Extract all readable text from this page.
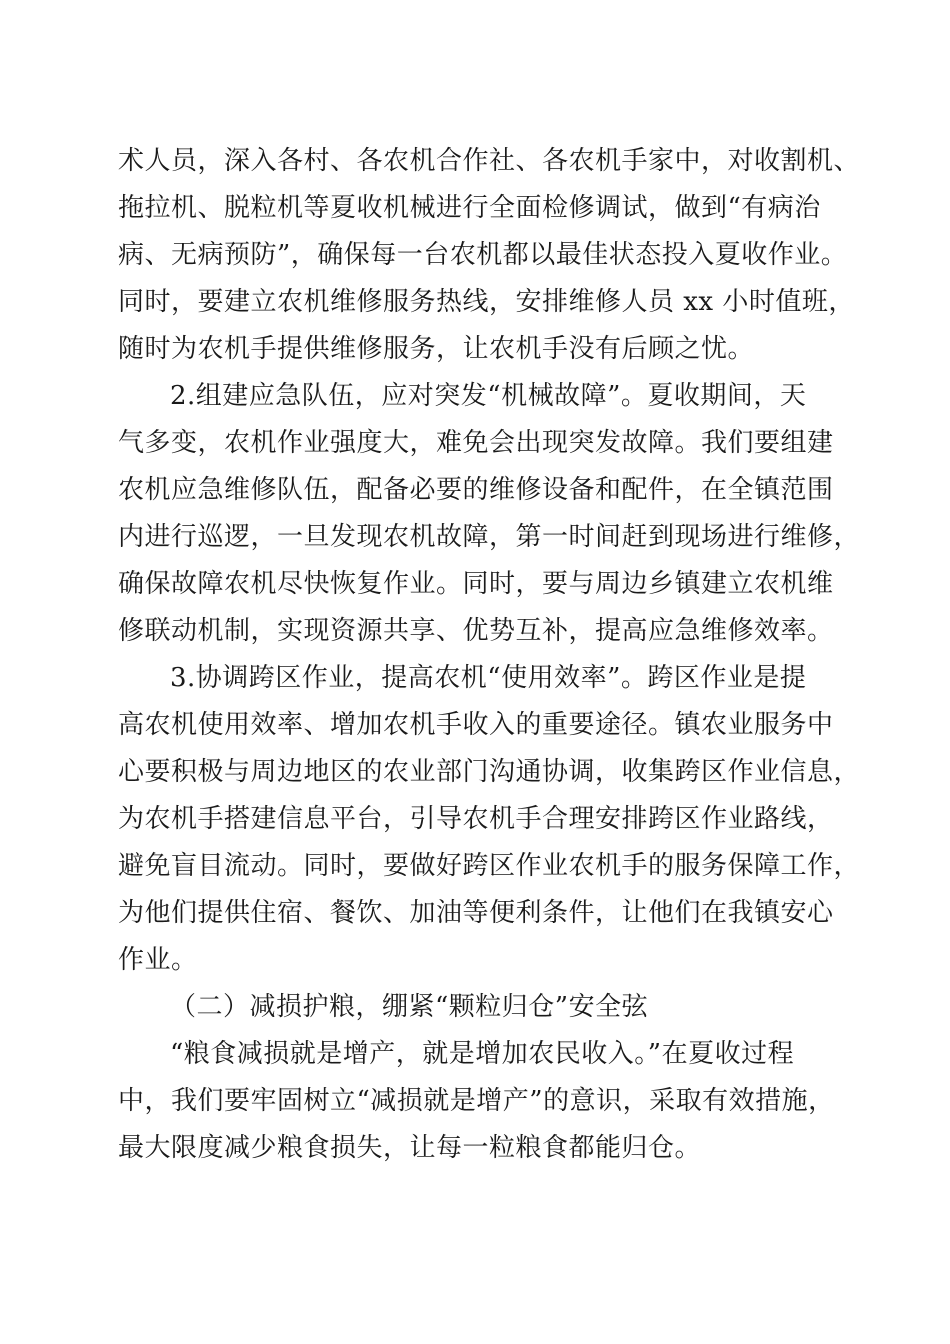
术人员，深入各村、各农机合作社、各农机手家中，对收割机、
拖拉机、脱粒机等夏收机械进行全面检修调试，做到“有病治
病、无病预防”，确保每一台农机都以最佳状态投入夏收作业。
同时，要建立农机维修服务热线，安排维修人员 xx 小时值班，
随时为农机手提供维修服务，让农机手没有后顾之忧。
2.组建应急队伍，应对突发“机械故障”。夏收期间，天
气多变，农机作业强度大，难免会出现突发故障。我们要组建
农机应急维修队伍，配备必要的维修设备和配件，在全镇范围
内进行巡逻，一旦发现农机故障，第一时间赶到现场进行维修，
确保故障农机尽快恢复作业。同时，要与周边乡镇建立农机维
修联动机制，实现资源共享、优势互补，提高应急维修效率。
3.协调跨区作业，提高农机“使用效率”。跨区作业是提
高农机使用效率、增加农机手收入的重要途径。镇农业服务中
心要积极与周边地区的农业部门沟通协调，收集跨区作业信息，
为农机手搭建信息平台，引导农机手合理安排跨区作业路线，
避免盲目流动。同时，要做好跨区作业农机手的服务保障工作，
为他们提供住宿、餐饮、加油等便利条件，让他们在我镇安心
作业。
（二）减损护粮，绷紧“颗粒归仓”安全弦
“粮食减损就是增产，就是增加农民收入。”在夏收过程
中，我们要牢固树立“减损就是增产”的意识，采取有效措施，
最大限度减少粮食损失，让每一粒粮食都能归仓。
